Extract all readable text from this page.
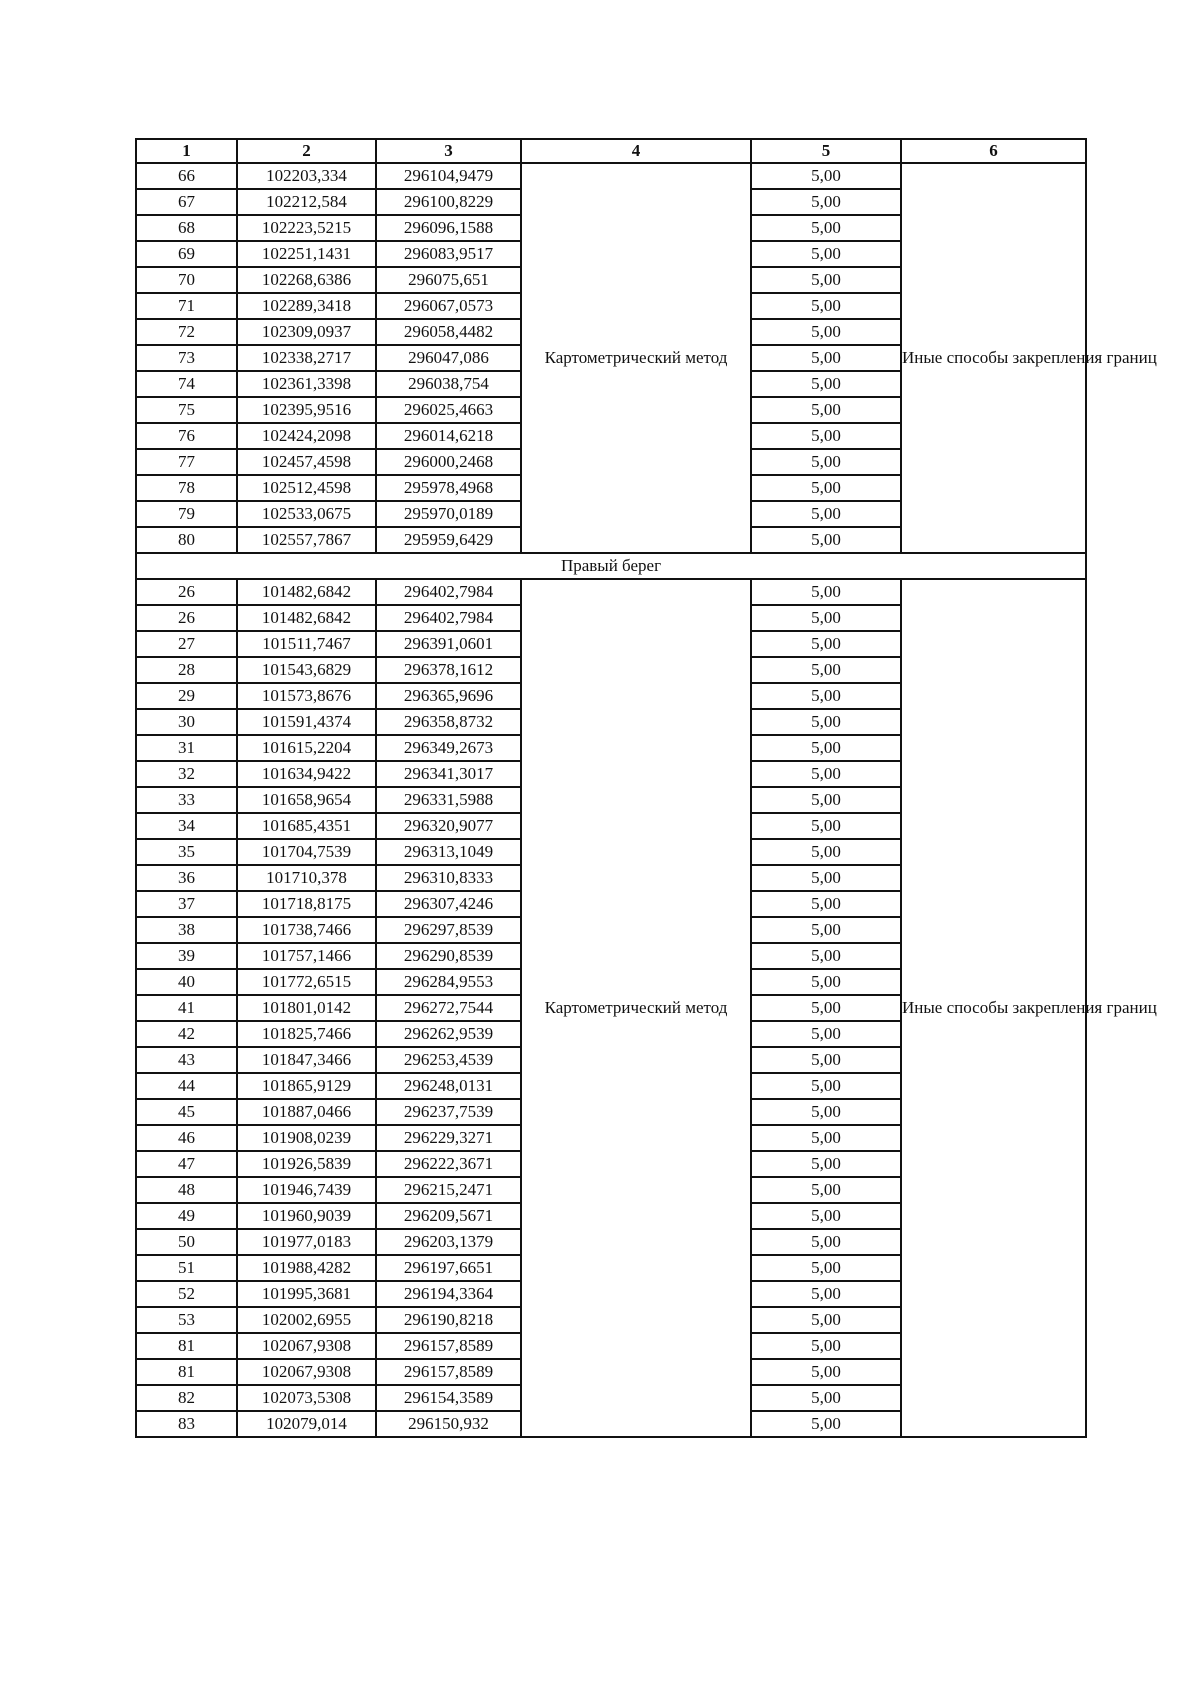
1	2	3	4	5	6
66	102203,334	296104,9479	Картометрический метод	5,00	Иные способы закрепления границ
67	102212,584	296100,8229		5,00	
68	102223,5215	296096,1588		5,00	
69	102251,1431	296083,9517		5,00	
70	102268,6386	296075,651		5,00	
71	102289,3418	296067,0573		5,00	
72	102309,0937	296058,4482		5,00	
73	102338,2717	296047,086		5,00	
74	102361,3398	296038,754		5,00	
75	102395,9516	296025,4663		5,00	
76	102424,2098	296014,6218		5,00	
77	102457,4598	296000,2468		5,00	
78	102512,4598	295978,4968		5,00	
79	102533,0675	295970,0189		5,00	
80	102557,7867	295959,6429		5,00	
Правый берег					
26	101482,6842	296402,7984	Картометрический метод	5,00	Иные способы закрепления границ
26	101482,6842	296402,7984		5,00	
27	101511,7467	296391,0601		5,00	
28	101543,6829	296378,1612		5,00	
29	101573,8676	296365,9696		5,00	
30	101591,4374	296358,8732		5,00	
31	101615,2204	296349,2673		5,00	
32	101634,9422	296341,3017		5,00	
33	101658,9654	296331,5988		5,00	
34	101685,4351	296320,9077		5,00	
35	101704,7539	296313,1049		5,00	
36	101710,378	296310,8333		5,00	
37	101718,8175	296307,4246		5,00	
38	101738,7466	296297,8539		5,00	
39	101757,1466	296290,8539		5,00	
40	101772,6515	296284,9553		5,00	
41	101801,0142	296272,7544		5,00	
42	101825,7466	296262,9539		5,00	
43	101847,3466	296253,4539		5,00	
44	101865,9129	296248,0131		5,00	
45	101887,0466	296237,7539		5,00	
46	101908,0239	296229,3271		5,00	
47	101926,5839	296222,3671		5,00	
48	101946,7439	296215,2471		5,00	
49	101960,9039	296209,5671		5,00	
50	101977,0183	296203,1379		5,00	
51	101988,4282	296197,6651		5,00	
52	101995,3681	296194,3364		5,00	
53	102002,6955	296190,8218		5,00	
81	102067,9308	296157,8589		5,00	
81	102067,9308	296157,8589		5,00	
82	102073,5308	296154,3589		5,00	
83	102079,014	296150,932		5,00	
